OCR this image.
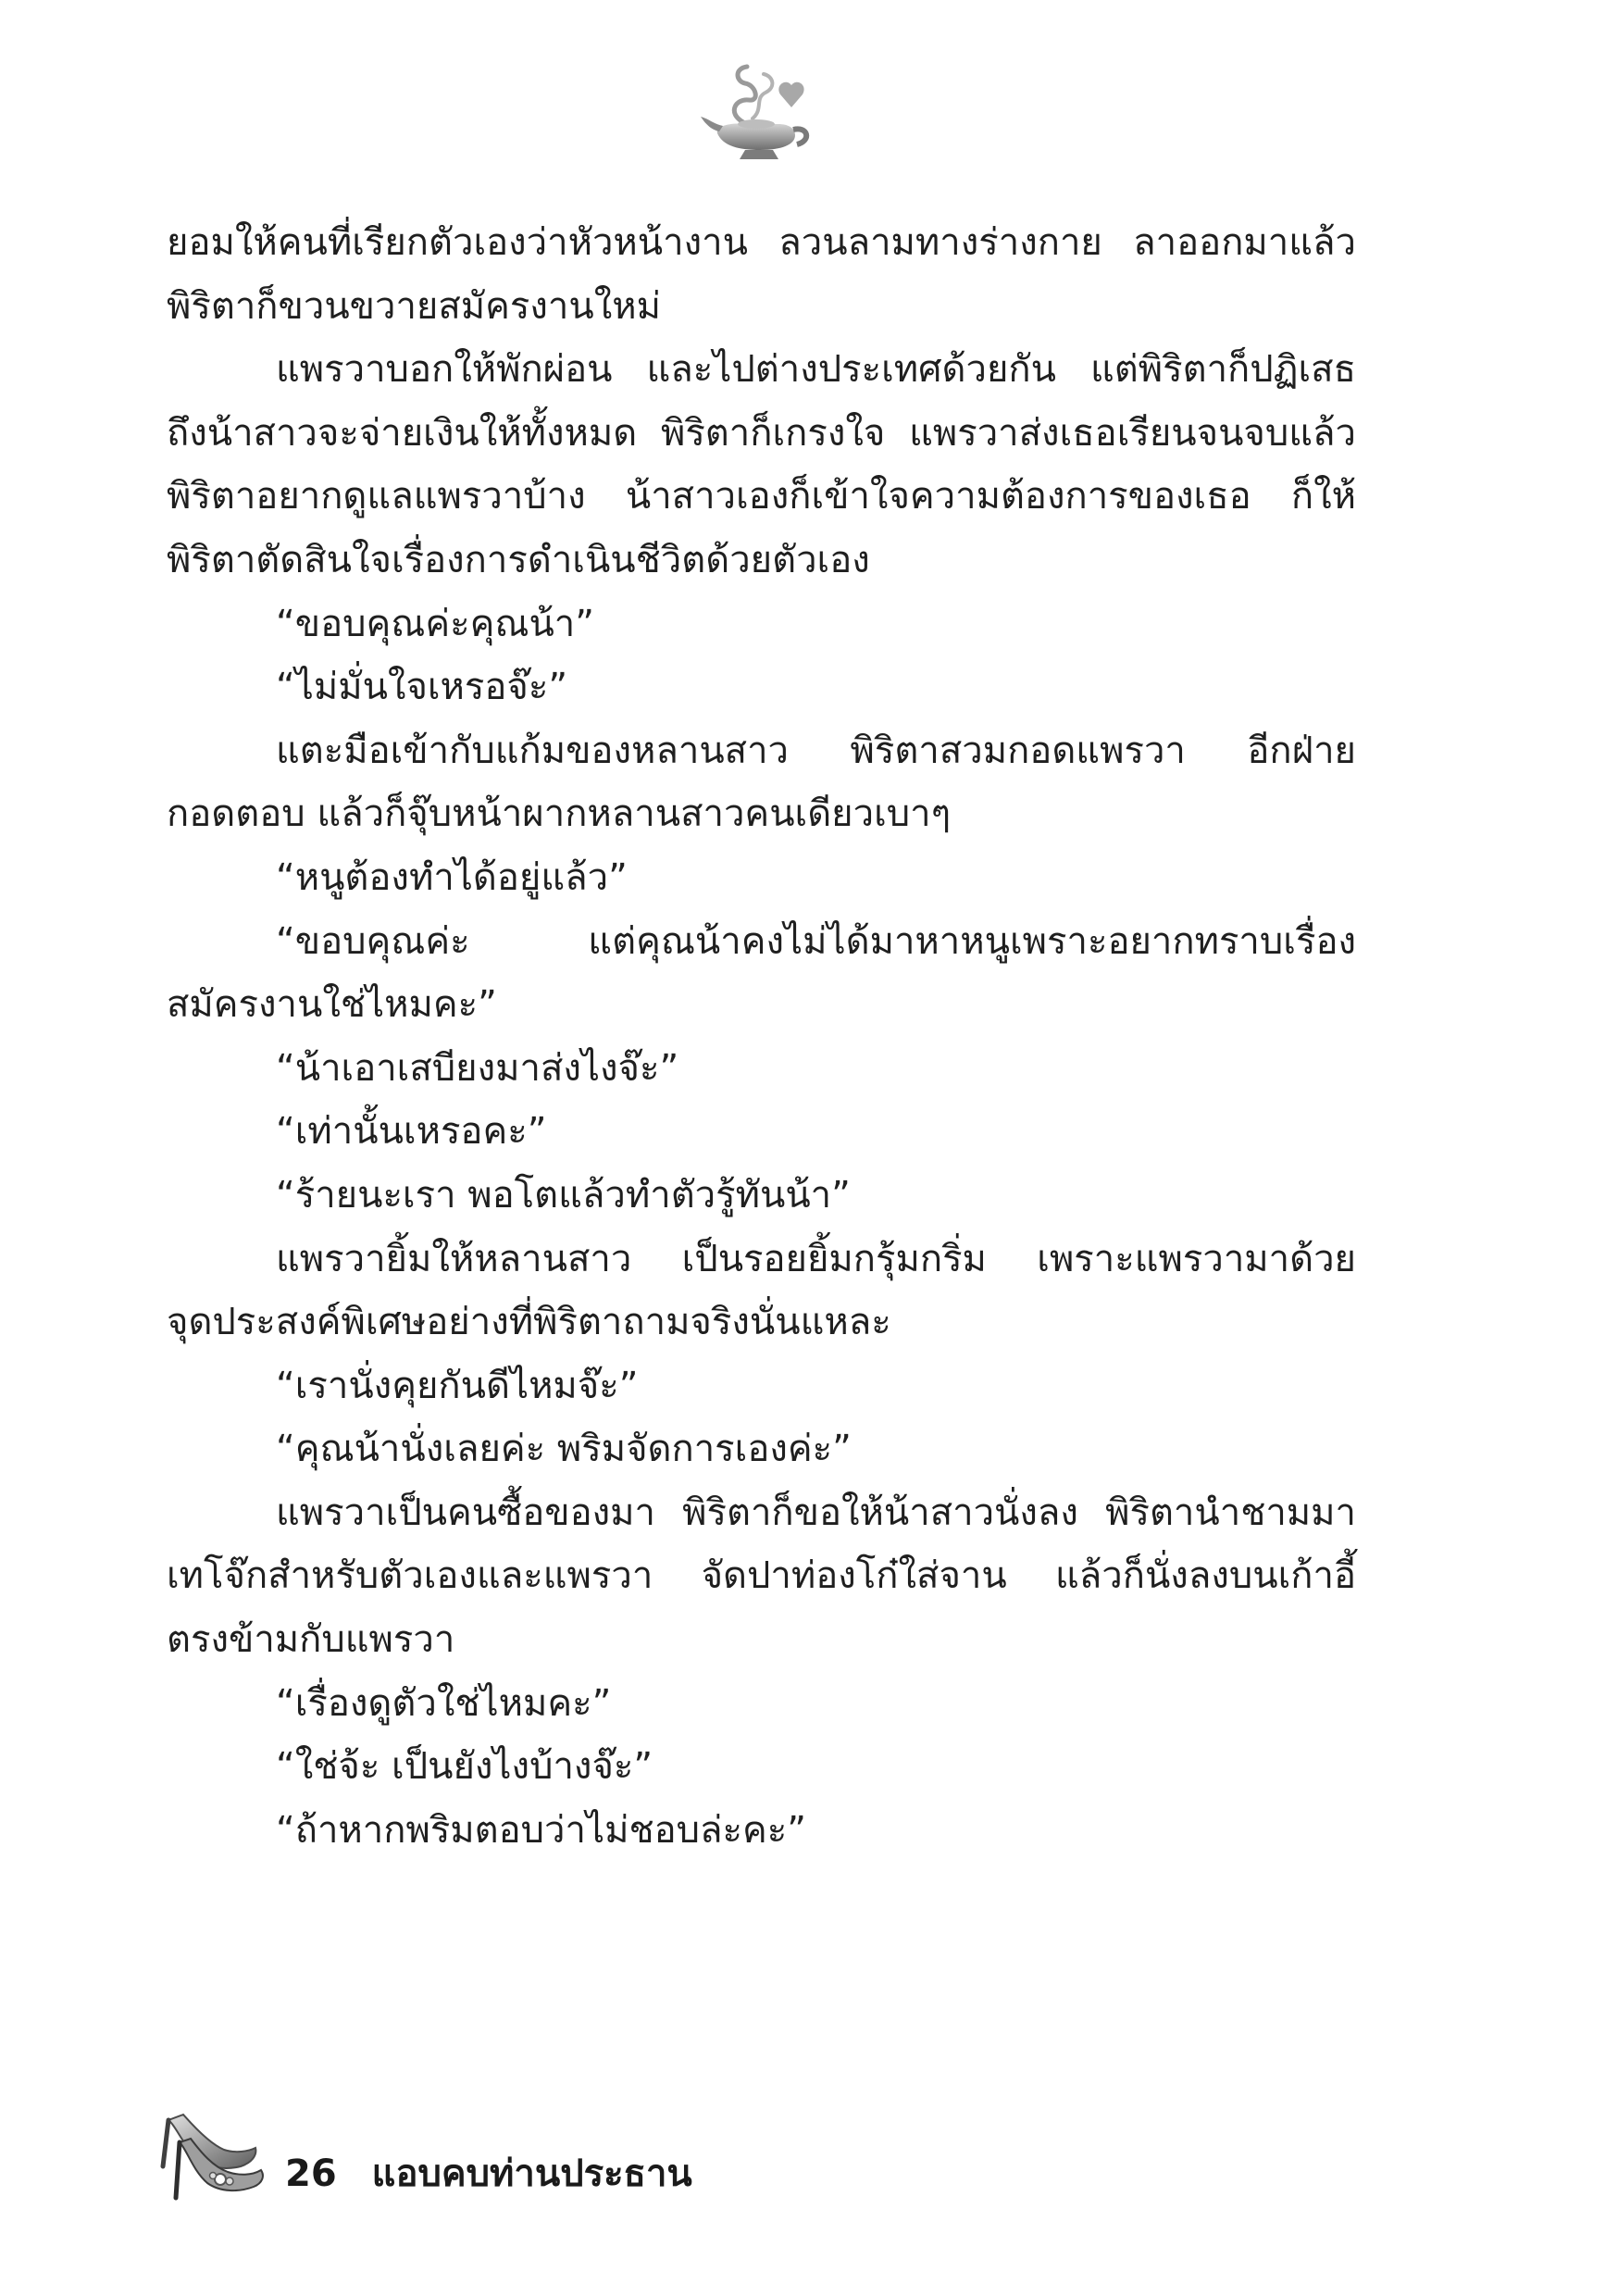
ยอมให้คนที่เรียกตัวเองว่าหัวหน้างาน ลวนลามทางร่างกาย ลาออกมาแล้ว
พิริตาก็ขวนขวายสมัครงานใหม่
แพรวาบอกให้พักผ่อน และไปต่างประเทศด้วยกัน แต่พิริตาก็ปฏิเสธ
ถึงน้าสาวจะจ่ายเงินให้ทั้งหมด พิริตาก็เกรงใจ แพรวาส่งเธอเรียนจนจบแล้ว
พิริตาอยากดูแลแพรวาบ้าง น้าสาวเองก็เข้าใจความต้องการของเธอ ก็ให้
พิริตาตัดสินใจเรื่องการดำเนินชีวิตด้วยตัวเอง
“ขอบคุณค่ะคุณน้า”
“ไม่มั่นใจเหรอจ๊ะ”
แตะมือเข้ากับแก้มของหลานสาว พิริตาสวมกอดแพรวา อีกฝ่าย
กอดตอบ แล้วก็จุ๊บหน้าผากหลานสาวคนเดียวเบาๆ
“หนูต้องทำได้อยู่แล้ว”
“ขอบคุณค่ะ แต่คุณน้าคงไม่ได้มาหาหนูเพราะอยากทราบเรื่อง
สมัครงานใช่ไหมคะ”
“น้าเอาเสบียงมาส่งไงจ๊ะ”
“เท่านั้นเหรอคะ”
“ร้ายนะเรา พอโตแล้วทำตัวรู้ทันน้า”
แพรวายิ้มให้หลานสาว เป็นรอยยิ้มกรุ้มกริ่ม เพราะแพรวามาด้วย
จุดประสงค์พิเศษอย่างที่พิริตาถามจริงนั่นแหละ
“เรานั่งคุยกันดีไหมจ๊ะ”
“คุณน้านั่งเลยค่ะ พริมจัดการเองค่ะ”
แพรวาเป็นคนซื้อของมา พิริตาก็ขอให้น้าสาวนั่งลง พิริตานำชามมา
เทโจ๊กสำหรับตัวเองและแพรวา จัดปาท่องโก๋ใส่จาน แล้วก็นั่งลงบนเก้าอี้
ตรงข้ามกับแพรวา
“เรื่องดูตัวใช่ไหมคะ”
“ใช่จ้ะ เป็นยังไงบ้างจ๊ะ”
“ถ้าหากพริมตอบว่าไม่ชอบล่ะคะ”
26 แอบคบท่านประธาน
